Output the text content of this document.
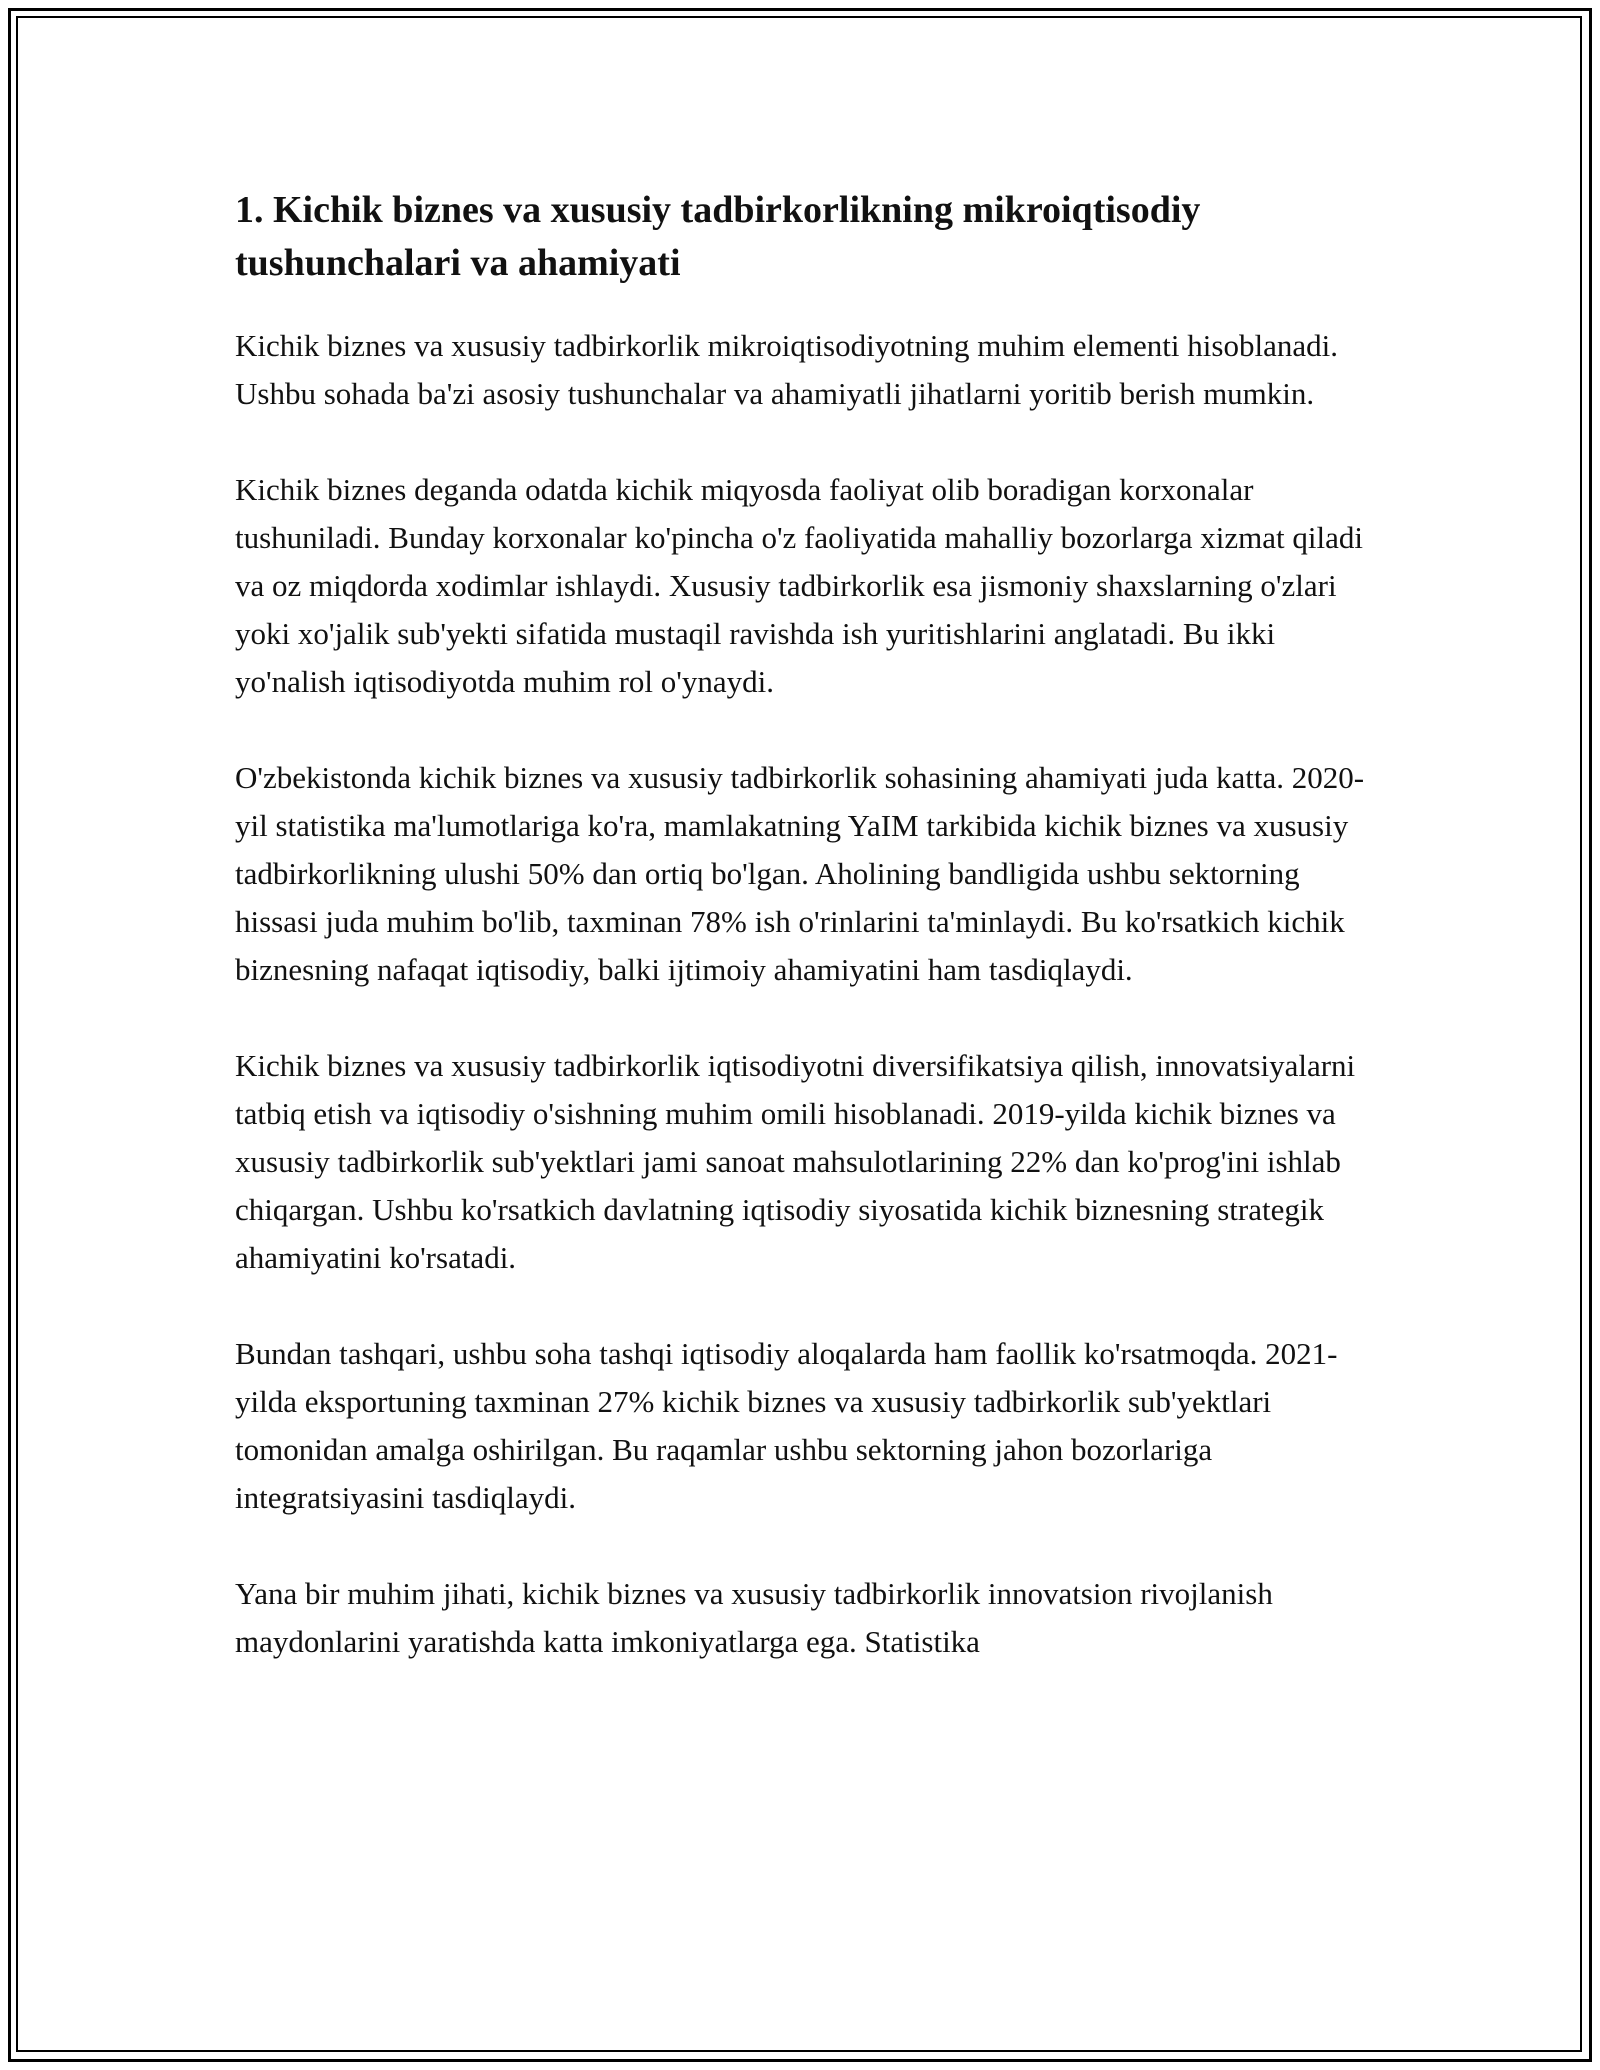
1. Kichik biznes va xususiy tadbirkorlikning mikroiqtisodiy tushunchalari va ahamiyati

Kichik biznes va xususiy tadbirkorlik mikroiqtisodiyotning muhim elementi hisoblanadi. Ushbu sohada ba'zi asosiy tushunchalar va ahamiyatli jihatlarni yoritib berish mumkin.

Kichik biznes deganda odatda kichik miqyosda faoliyat olib boradigan korxonalar tushuniladi. Bunday korxonalar ko'pincha o'z faoliyatida mahalliy bozorlarga xizmat qiladi va oz miqdorda xodimlar ishlaydi. Xususiy tadbirkorlik esa jismoniy shaxslarning o'zlari yoki xo'jalik sub'yekti sifatida mustaqil ravishda ish yuritishlarini anglatadi. Bu ikki yo'nalish iqtisodiyotda muhim rol o'ynaydi.

O'zbekistonda kichik biznes va xususiy tadbirkorlik sohasining ahamiyati juda katta. 2020-yil statistika ma'lumotlariga ko'ra, mamlakatning YaIM tarkibida kichik biznes va xususiy tadbirkorlikning ulushi 50% dan ortiq bo'lgan. Aholining bandligida ushbu sektorning hissasi juda muhim bo'lib, taxminan 78% ish o'rinlarini ta'minlaydi. Bu ko'rsatkich kichik biznesning nafaqat iqtisodiy, balki ijtimoiy ahamiyatini ham tasdiqlaydi.

Kichik biznes va xususiy tadbirkorlik iqtisodiyotni diversifikatsiya qilish, innovatsiyalarni tatbiq etish va iqtisodiy o'sishning muhim omili hisoblanadi. 2019-yilda kichik biznes va xususiy tadbirkorlik sub'yektlari jami sanoat mahsulotlarining 22% dan ko'prog'ini ishlab chiqargan. Ushbu ko'rsatkich davlatning iqtisodiy siyosatida kichik biznesning strategik ahamiyatini ko'rsatadi.

Bundan tashqari, ushbu soha tashqi iqtisodiy aloqalarda ham faollik ko'rsatmoqda. 2021-yilda eksportuning taxminan 27% kichik biznes va xususiy tadbirkorlik sub'yektlari tomonidan amalga oshirilgan. Bu raqamlar ushbu sektorning jahon bozorlariga integratsiyasini tasdiqlaydi.

Yana bir muhim jihati, kichik biznes va xususiy tadbirkorlik innovatsion rivojlanish maydonlarini yaratishda katta imkoniyatlarga ega. Statistika
